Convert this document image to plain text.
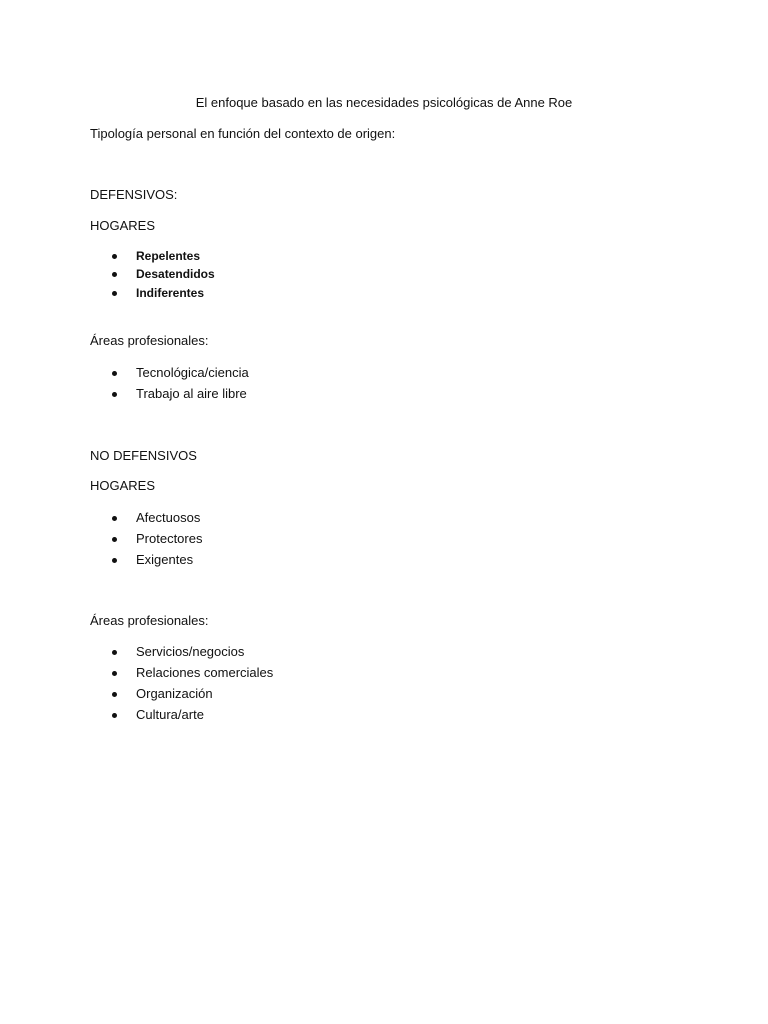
El enfoque basado en las necesidades psicológicas de Anne Roe
Tipología personal en función del contexto de origen:
DEFENSIVOS:
HOGARES
Repelentes
Desatendidos
Indiferentes
Áreas profesionales:
Tecnológica/ciencia
Trabajo al aire libre
NO DEFENSIVOS
HOGARES
Afectuosos
Protectores
Exigentes
Áreas profesionales:
Servicios/negocios
Relaciones comerciales
Organización
Cultura/arte
